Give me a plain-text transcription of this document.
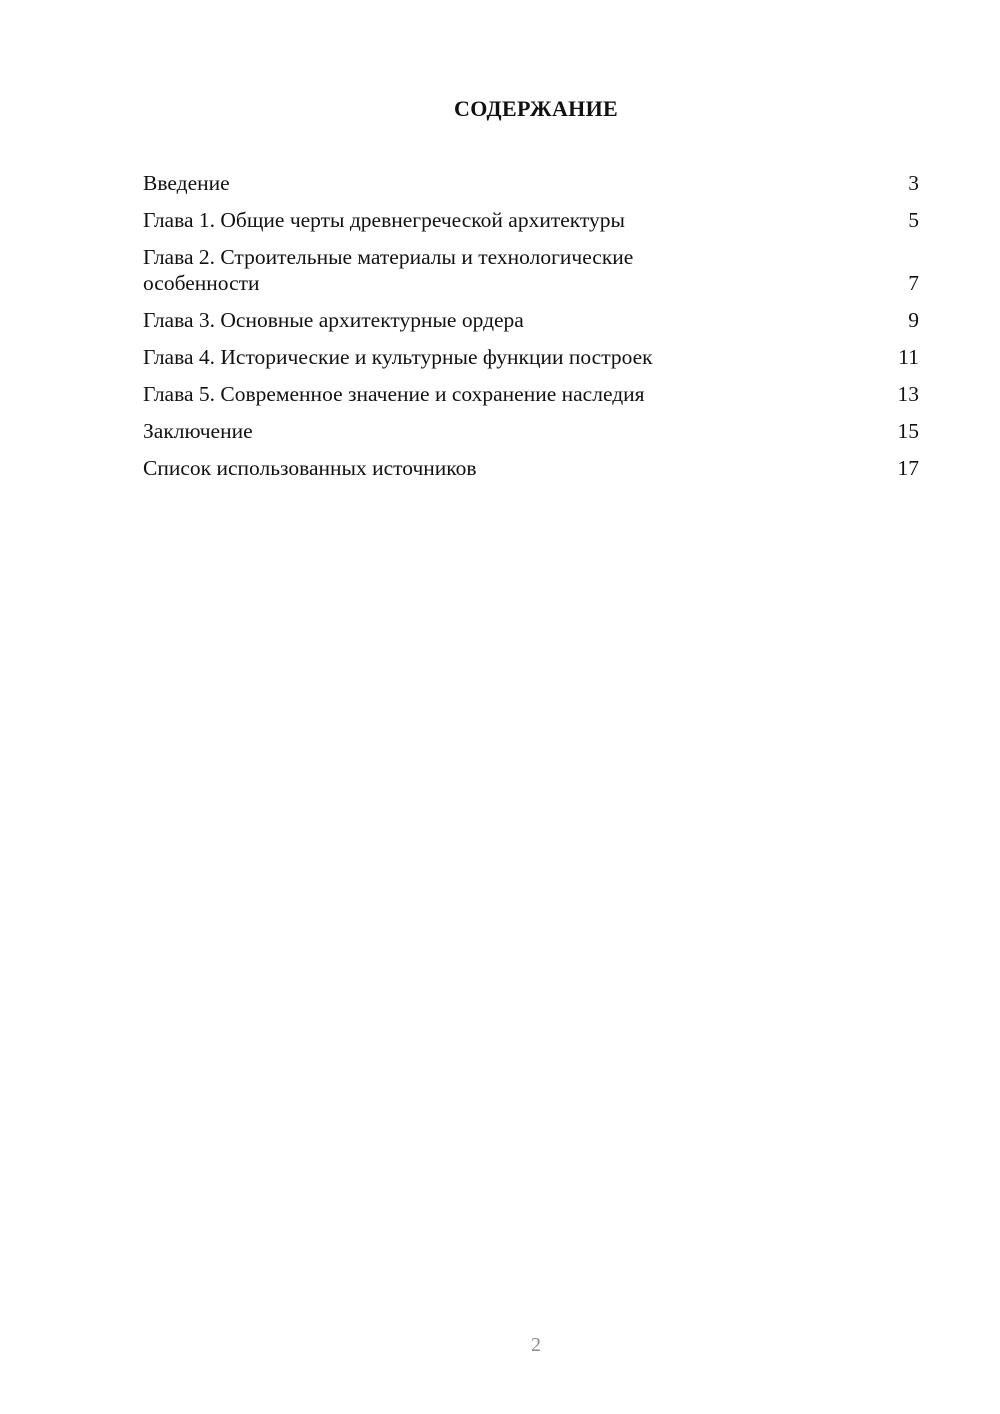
СОДЕРЖАНИЕ
Введение	3
Глава 1. Общие черты древнегреческой архитектуры	5
Глава 2. Строительные материалы и технологические особенности	7
Глава 3. Основные архитектурные ордера	9
Глава 4. Исторические и культурные функции построек	11
Глава 5. Современное значение и сохранение наследия	13
Заключение	15
Список использованных источников	17
2
